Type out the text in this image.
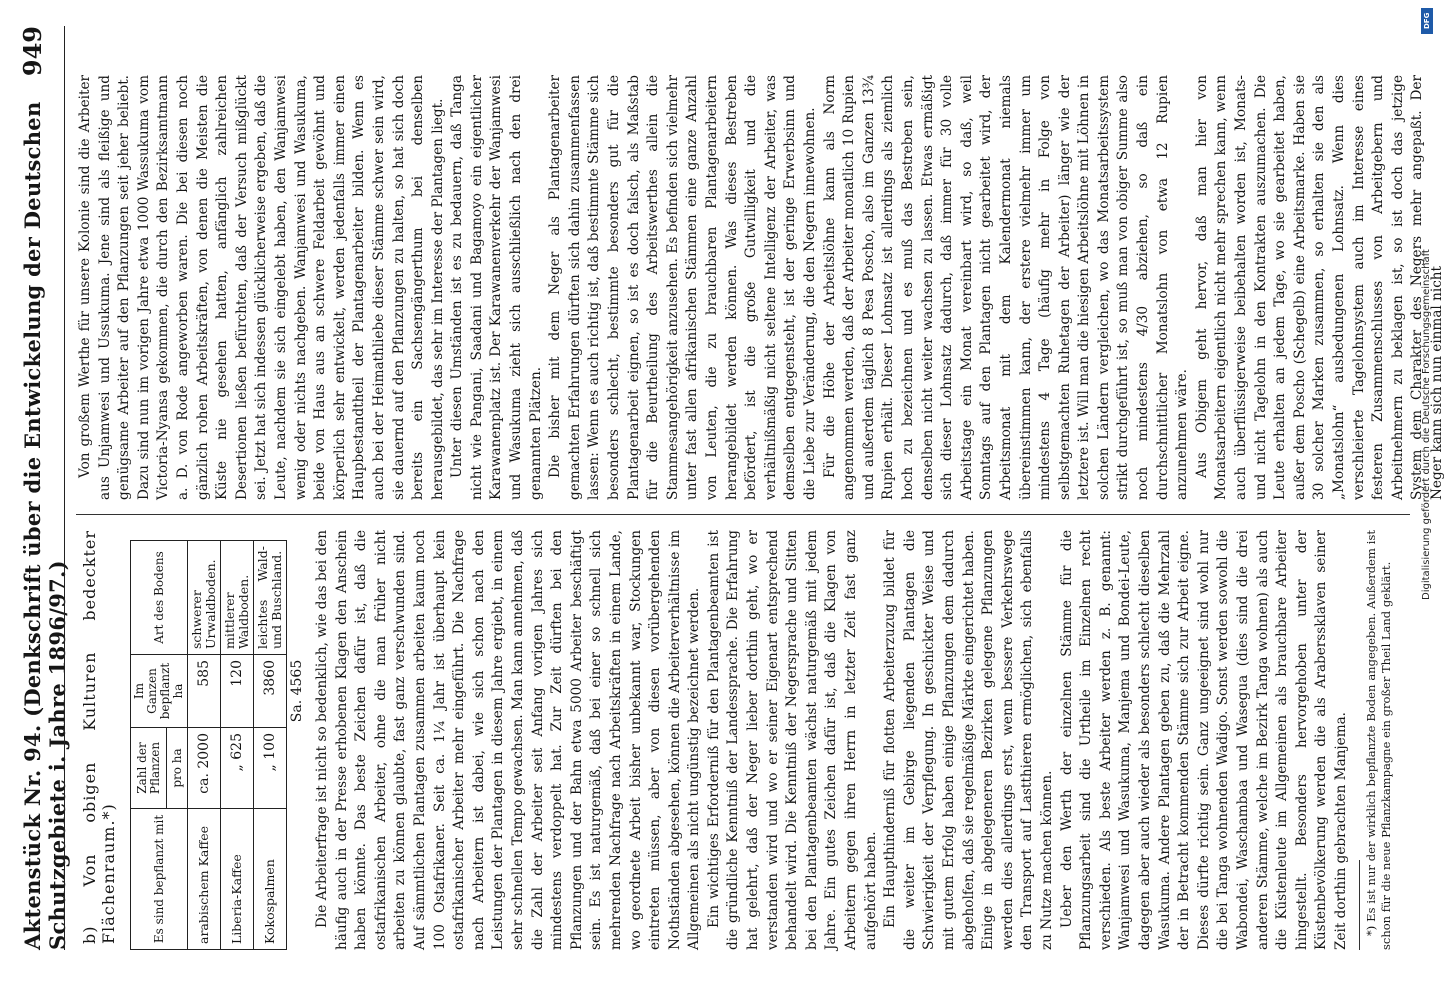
Aktenstück Nr. 94. (Denkschrift über die Entwickelung der Deutschen Schutzgebiete i. Jahre 1896/97.)
949
b) Von obigen Kulturen bedeckter Flächenraum.*)	Es sind bepflanzt mit	Zahl der Pflanzen	Im Ganzen bepflanzt ha	Art des Bodens
	pro ha		
arabischem Kaffee	ca. 2000	585	schwerer Urwaldboden.
Liberia-Kaffee	„ 625	120	mittlerer Waldboden.
Kokospalmen	„ 100	3860	leichtes Wald- und Buschland.
		Sa. 4565	Die Arbeiterfrage ist nicht so bedenklich, wie das bei den häufig auch in der Presse erhobenen Klagen den Anschein haben könnte. Das beste Zeichen dafür ist, daß die ostafrikanischen Arbeiter, ohne die man früher nicht arbeiten zu können glaubte, fast ganz verschwunden sind. Auf sämmtlichen Plantagen zusammen arbeiten kaum noch 100 Ostafrikaner. Seit ca. 1¼ Jahr ist überhaupt kein ostafrikanischer Arbeiter mehr eingeführt. Die Nachfrage nach Arbeitern ist dabei, wie sich schon nach den Leistungen der Plantagen in diesem Jahre ergiebt, in einem sehr schnellen Tempo gewachsen. Man kann annehmen, daß die Zahl der Arbeiter seit Anfang vorigen Jahres sich mindestens verdoppelt hat. Zur Zeit dürften bei den Pflanzungen und der Bahn etwa 5000 Arbeiter beschäftigt sein. Es ist naturgemäß, daß bei einer so schnell sich mehrenden Nachfrage nach Arbeitskräften in einem Lande, wo geordnete Arbeit bisher unbekannt war, Stockungen eintreten müssen, aber von diesen vorübergehenden Nothständen abgesehen, können die Arbeiterverhältnisse im Allgemeinen als nicht ungünstig bezeichnet werden. Ein wichtiges Erforderniß für den Plantagenbeamten ist die gründliche Kenntniß der Landessprache. Die Erfahrung hat gelehrt, daß der Neger lieber dorthin geht, wo er verstanden wird und wo er seiner Eigenart entsprechend behandelt wird. Die Kenntniß der Negersprache und Sitten bei den Plantagenbeamten wächst naturgemäß mit jedem Jahre. Ein gutes Zeichen dafür ist, daß die Klagen von Arbeitern gegen ihren Herrn in letzter Zeit fast ganz aufgehört haben. Ein Haupthinderniß für flotten Arbeiterzuzug bildet für die weiter im Gebirge liegenden Plantagen die Schwierigkeit der Verpflegung. In geschickter Weise und mit gutem Erfolg haben einige Pflanzungen dem dadurch abgeholfen, daß sie regelmäßige Märkte eingerichtet haben. Einige in abgelegeneren Bezirken gelegene Pflanzungen werden dies allerdings erst, wenn bessere Verkehrswege den Transport auf Lastthieren ermöglichen, sich ebenfalls zu Nutze machen können. Ueber den Werth der einzelnen Stämme für die Pflanzungsarbeit sind die Urtheile im Einzelnen recht verschieden. Als beste Arbeiter werden z. B. genannt: Wanjamwesi und Wasukuma, Manjema und Bondei-Leute, dagegen aber auch wieder als besonders schlecht dieselben Wasukuma. Andere Plantagen geben zu, daß die Mehrzahl der in Betracht kommenden Stämme sich zur Arbeit eigne. Dieses dürfte richtig sein. Ganz ungeeignet sind wohl nur die bei Tanga wohnenden Wadigo. Sonst werden sowohl die Wabondei, Waschambaa und Wasegua (dies sind die drei anderen Stämme, welche im Bezirk Tanga wohnen) als auch die Küstenleute im Allgemeinen als brauchbare Arbeiter hingestellt. Besonders hervorgehoben unter der Küstenbevölkerung werden die als Araberssklaven seiner Zeit dorthin gebrachten Manjema. *) Es ist nur der wirklich bepflanzte Boden angegeben. Außerdem ist schon für die neue Pflanzkampagne ein großer Theil Land geklärt.

Von großem Werthe für unsere Kolonie sind die Arbeiter aus Unjamwesi und Ussukuma. Jene sind als fleißige und genügsame Arbeiter auf den Pflanzungen seit jeher beliebt. Dazu sind nun im vorigen Jahre etwa 1000 Wassukuma vom Victoria-Nyansa gekommen, die durch den Bezirksamtmann a. D. von Rode angeworben waren. Die bei diesen noch gänzlich rohen Arbeitskräften, von denen die Meisten die Küste nie gesehen hatten, anfänglich zahlreichen Desertionen ließen befürchten, daß der Versuch mißglückt sei. Jetzt hat sich indessen glücklicherweise ergeben, daß die Leute, nachdem sie sich eingelebt haben, den Wanjamwesi wenig oder nichts nachgeben. Wanjamwesi und Wasukuma, beide von Haus aus an schwere Feldarbeit gewöhnt und körperlich sehr entwickelt, werden jedenfalls immer einen Haupbestandtheil der Plantagenarbeiter bilden. Wenn es auch bei der Heimathliebe dieser Stämme schwer sein wird, sie dauernd auf den Pflanzungen zu halten, so hat sich doch bereits ein Sachsengängerthum bei denselben herausgebildet, das sehr im Interesse der Plantagen liegt. Unter diesen Umständen ist es zu bedauern, daß Tanga nicht wie Pangani, Saadani und Bagamoyo ein eigentlicher Karawanenplatz ist. Der Karawanenverkehr der Wanjamwesi und Wasukuma zieht sich ausschließlich nach den drei genannten Plätzen. Die bisher mit dem Neger als Plantagenarbeiter gemachten Erfahrungen dürften sich dahin zusammenfassen lassen: Wenn es auch richtig ist, daß bestimmte Stämme sich besonders schlecht, bestimmte besonders gut für die Plantagenarbeit eignen, so ist es doch falsch, als Maßstab für die Beurtheilung des Arbeitswerthes allein die Stammesangehörigkeit anzusehen. Es befinden sich vielmehr unter fast allen afrikanischen Stämmen eine ganze Anzahl von Leuten, die zu brauchbaren Plantagenarbeitern herangebildet werden können. Was dieses Bestreben befördert, ist die große Gutwilligkeit und die verhältnißmäßig nicht seltene Intelligenz der Arbeiter, was demselben entgegensteht, ist der geringe Erwerbsinn und die Liebe zur Veränderung, die den Negern innewohnen. Für die Höhe der Arbeitslöhne kann als Norm angenommen werden, daß der Arbeiter monatlich 10 Rupien und außerdem täglich 8 Pesa Poscho, also im Ganzen 13¾ Rupien erhält. Dieser Lohnsatz ist allerdings als ziemlich hoch zu bezeichnen und es muß das Bestreben sein, denselben nicht weiter wachsen zu lassen. Etwas ermäßigt sich dieser Lohnsatz dadurch, daß immer für 30 volle Arbeitstage ein Monat vereinbart wird, so daß, weil Sonntags auf den Plantagen nicht gearbeitet wird, der Arbeitsmonat mit dem Kalendermonat niemals übereinstimmen kann, der erstere vielmehr immer um mindestens 4 Tage (häufig mehr in Folge von selbstgemachten Ruhetagen der Arbeiter) länger wie der letztere ist. Will man die hiesigen Arbeitslöhne mit Löhnen in solchen Ländern vergleichen, wo das Monatsarbeitssystem strikt durchgeführt ist, so muß man von obiger Summe also noch mindestens 4/30 abziehen, so daß ein durchschnittlicher Monatslohn von etwa 12 Rupien anzunehmen wäre. Aus Obigem geht hervor, daß man hier von Monatsarbeitern eigentlich nicht mehr sprechen kann, wenn auch überflüssigerweise beibehalten worden ist, Monats- und nicht Tagelohn in den Kontrakten auszumachen. Die Leute erhalten an jedem Tage, wo sie gearbeitet haben, außer dem Poscho (Schegelb) eine Arbeitsmarke. Haben sie 30 solcher Marken zusammen, so erhalten sie den als „Monatslohn“ ausbedungenen Lohnsatz. Wenn dies verschleierte Tagelohnsystem auch im Interesse eines festeren Zusammenschlusses von Arbeitgebern und Arbeitnehmern zu beklagen ist, so ist doch das jetzige System dem Charakter des Negers mehr angepaßt. Der Neger kann sich nun einmal nicht

DFG
Digitalisierung gefördert durch die Deutsche Forschungsgemeinschaft
